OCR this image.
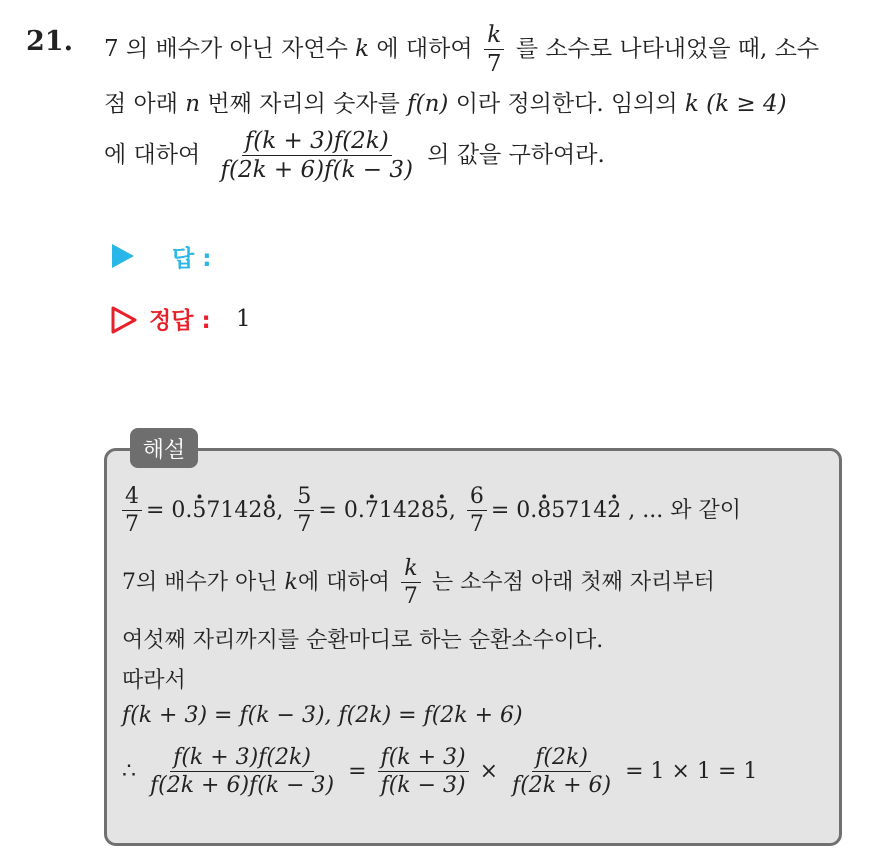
21. 7 의 배수가 아닌 자연수 k 에 대하여 $\frac{k}{7}$ 를 소수로 나타내었을 때, 소수
점 아래 n 번째 자리의 숫자를 f(n) 이라 정의한다. 임의의 k (k ≥ 4)
에 대하여 $\frac{f(k + 3)f(2k)}{f(2k + 6)f(k - 3)}$ 의 값을 구하여라.
답 :
정답 : 1
해설
$\frac{4}{7} = 0.5 \cdot 71428$ ·, $\frac{5}{7} = 0.7 \cdot 14285$ ·, $\frac{6}{7} = 0.8 \cdot 57142$ · , ... 와 같이
7의 배수가 아닌 k에 대하여 $\frac{k}{7}$ 는 소수점 아래 첫째 자리부터
여섯째 자리까지를 순환마디로 하는 순환소수이다.
따라서
f(k + 3) = f(k − 3), f(2k) = f(2k + 6)
∴ $\frac{f(k + 3)f(2k)}{f(2k + 6)f(k - 3)} = \frac{f(k + 3)}{f(k - 3)} \times \frac{f(2k)}{f(2k + 6)} = 1 \times 1 = 1$
